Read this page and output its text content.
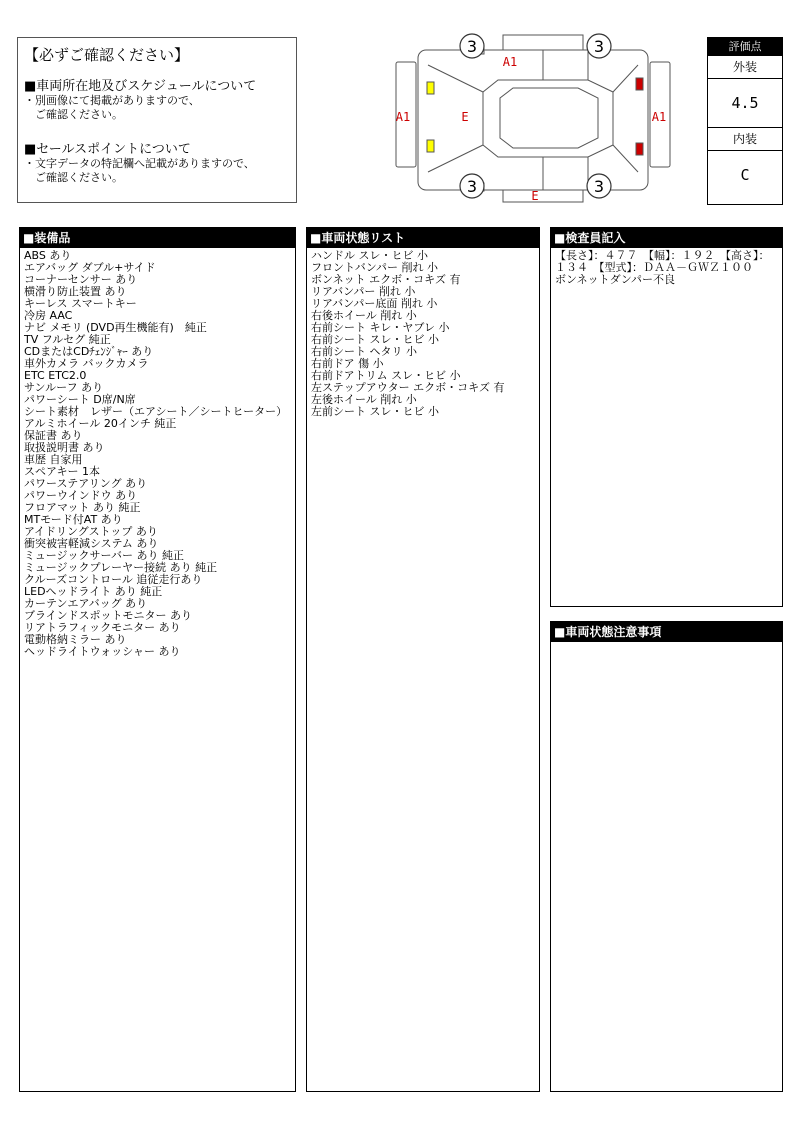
【必ずご確認ください】
■車両所在地及びスケジュールについて
・別画像にて掲載がありますので、
　ご確認ください。
■セールスポイントについて
・文字データの特記欄へ記載がありますので、
　ご確認ください。
3	3
3	3
A1
A1	A1
E
E
評価点
外装
4.5
内装
C
■装備品
ABS あり
エアバッグ ダブル+サイド
コーナーセンサー あり
横滑り防止装置 あり
キーレス スマートキー
冷房 AAC
ナビ メモリ (DVD再生機能有)　純正
TV フルセグ 純正
CDまたはCDﾁｪﾝｼﾞｬｰ あり
車外カメラ バックカメラ
ETC ETC2.0
サンルーフ あり
パワーシート D席/N席
シート素材　レザー（エアシート／シートヒーター）
アルミホイール 20インチ 純正
保証書 あり
取扱説明書 あり
車歴 自家用
スペアキー 1本
パワーステアリング あり
パワーウインドウ あり
フロアマット あり 純正
MTモード付AT あり
アイドリングストップ あり
衝突被害軽減システム あり
ミュージックサーバー あり 純正
ミュージックプレーヤー接続 あり 純正
クルーズコントロール 追従走行あり
LEDヘッドライト あり 純正
カーテンエアバッグ あり
ブラインドスポットモニター あり
リアトラフィックモニター あり
電動格納ミラー あり
ヘッドライトウォッシャー あり
■車両状態リスト
ハンドル スレ・ヒビ 小
フロントバンパー 削れ 小
ボンネット エクボ・コキズ 有
リアバンパー 削れ 小
リアバンパー底面 削れ 小
右後ホイール 削れ 小
右前シート キレ・ヤブレ 小
右前シート スレ・ヒビ 小
右前シート ヘタリ 小
右前ドア 傷 小
右前ドアトリム スレ・ヒビ 小
左ステップアウター エクボ・コキズ 有
左後ホイール 削れ 小
左前シート スレ・ヒビ 小
■検査員記入
【長さ】：４７７　【幅】：１９２　【高さ】：１３４　【型式】：ＤＡＡ－ＧＷＺ１００
ボンネットダンパー不良
■車両状態注意事項
